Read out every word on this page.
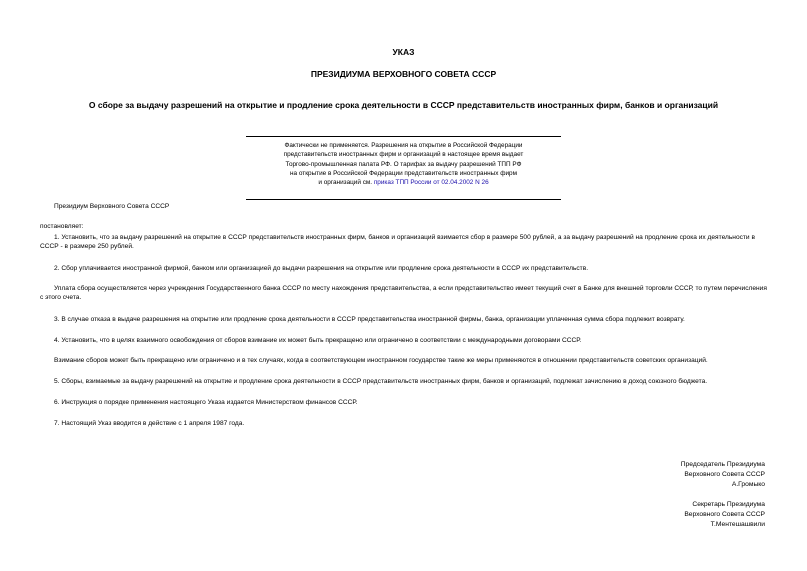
УКАЗ
ПРЕЗИДИУМА ВЕРХОВНОГО СОВЕТА СССР
О сборе за выдачу разрешений на открытие и продление срока деятельности в СССР представительств иностранных фирм, банков и организаций
Фактически не применяется. Разрешения на открытие в Российской Федерации
представительств иностранных фирм и организаций в настоящее время выдает
Торгово-промышленная палата РФ. О тарифах за выдачу разрешений ТПП РФ
на открытие в Российской Федерации представительств иностранных фирм
и организаций см. приказ ТПП России от 02.04.2002 N 26
Президиум Верховного Совета СССР
постановляет:
1. Установить, что за выдачу разрешений на открытие в СССР представительств иностранных фирм, банков и организаций взимается сбор в размере 500 рублей, а за выдачу разрешений на продление срока их деятельности в СССР - в размере 250 рублей.
2. Сбор уплачивается иностранной фирмой, банком или организацией до выдачи разрешения на открытие или продление срока деятельности в СССР их представительств.
Уплата сбора осуществляется через учреждения Государственного банка СССР по месту нахождения представительства, а если представительство имеет текущий счет в Банке для внешней торговли СССР, то путем перечисления с этого счета.
3. В случае отказа в выдаче разрешения на открытие или продление срока деятельности в СССР представительства иностранной фирмы, банка, организации уплаченная сумма сбора подлежит возврату.
4. Установить, что в целях взаимного освобождения от сборов взимание их может быть прекращено или ограничено в соответствии с международными договорами СССР.
Взимание сборов может быть прекращено или ограничено и в тех случаях, когда в соответствующем иностранном государстве такие же меры применяются в отношении представительств советских организаций.
5. Сборы, взимаемые за выдачу разрешений на открытие и продление срока деятельности в СССР представительств иностранных фирм, банков и организаций, подлежат зачислению в доход союзного бюджета.
6. Инструкция о порядке применения настоящего Указа издается Министерством финансов СССР.
7. Настоящий Указ вводится в действие с 1 апреля 1987 года.
Председатель Президиума
Верховного Совета СССР
А.Громыко
Секретарь Президиума
Верховного Совета СССР
Т.Ментешашвили
